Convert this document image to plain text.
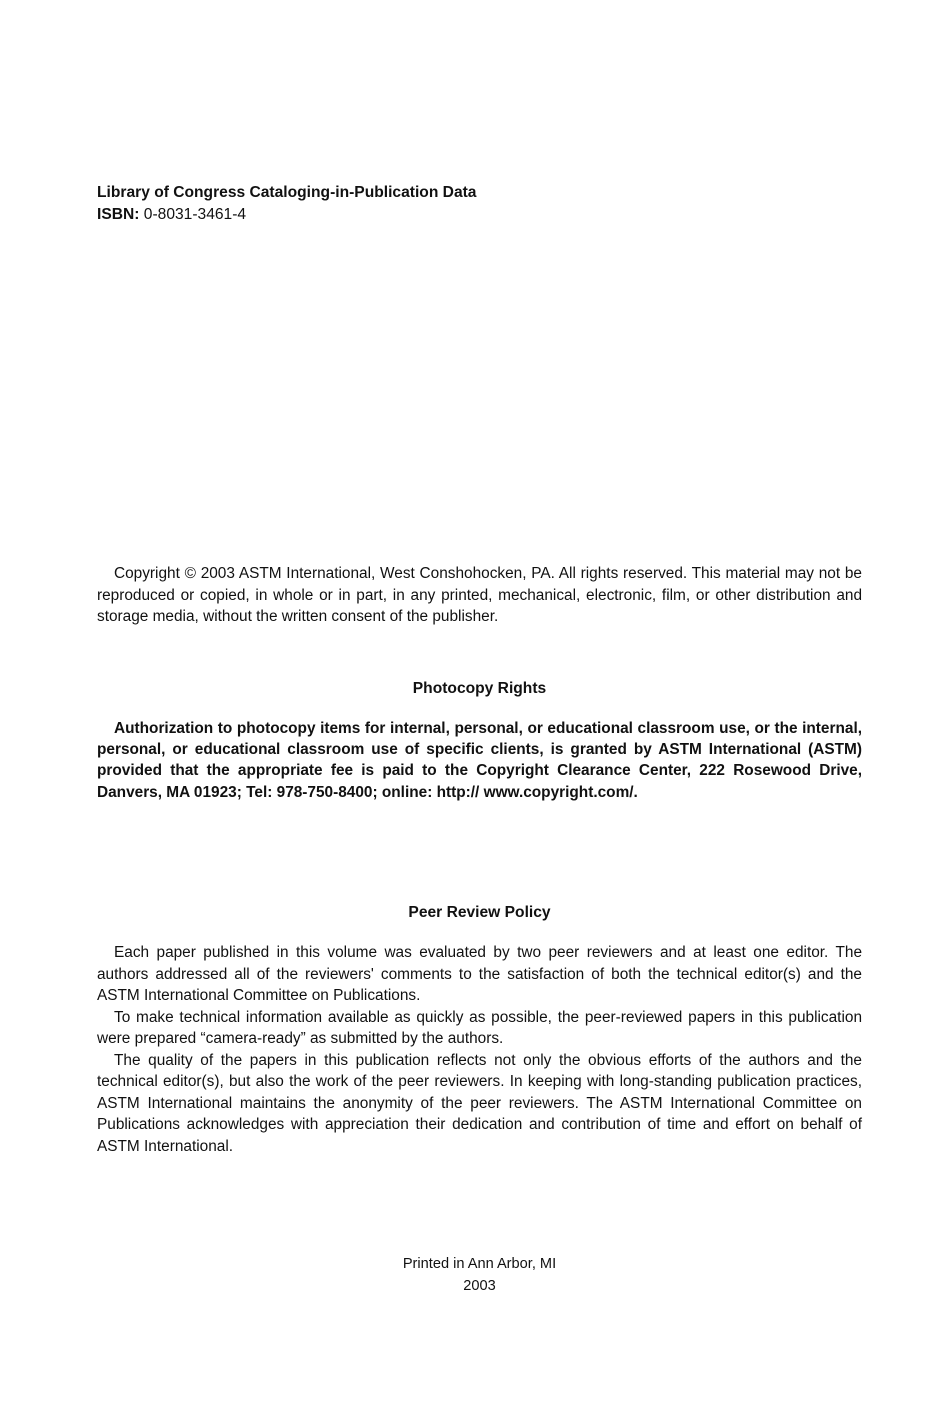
Library of Congress Cataloging-in-Publication Data
ISBN: 0-8031-3461-4

Copyright © 2003 ASTM International, West Conshohocken, PA. All rights reserved. This material may not be reproduced or copied, in whole or in part, in any printed, mechanical, electronic, film, or other distribution and storage media, without the written consent of the publisher.

Photocopy Rights

Authorization to photocopy items for internal, personal, or educational classroom use, or the internal, personal, or educational classroom use of specific clients, is granted by ASTM International (ASTM) provided that the appropriate fee is paid to the Copyright Clearance Center, 222 Rosewood Drive, Danvers, MA 01923; Tel: 978-750-8400; online: http:// www.copyright.com/.

Peer Review Policy

Each paper published in this volume was evaluated by two peer reviewers and at least one editor. The authors addressed all of the reviewers' comments to the satisfaction of both the technical editor(s) and the ASTM International Committee on Publications.

To make technical information available as quickly as possible, the peer-reviewed papers in this publication were prepared “camera-ready” as submitted by the authors.

The quality of the papers in this publication reflects not only the obvious efforts of the authors and the technical editor(s), but also the work of the peer reviewers. In keeping with long-standing publication practices, ASTM International maintains the anonymity of the peer reviewers. The ASTM International Committee on Publications acknowledges with appreciation their dedication and contribution of time and effort on behalf of ASTM International.

Printed in Ann Arbor, MI
2003
